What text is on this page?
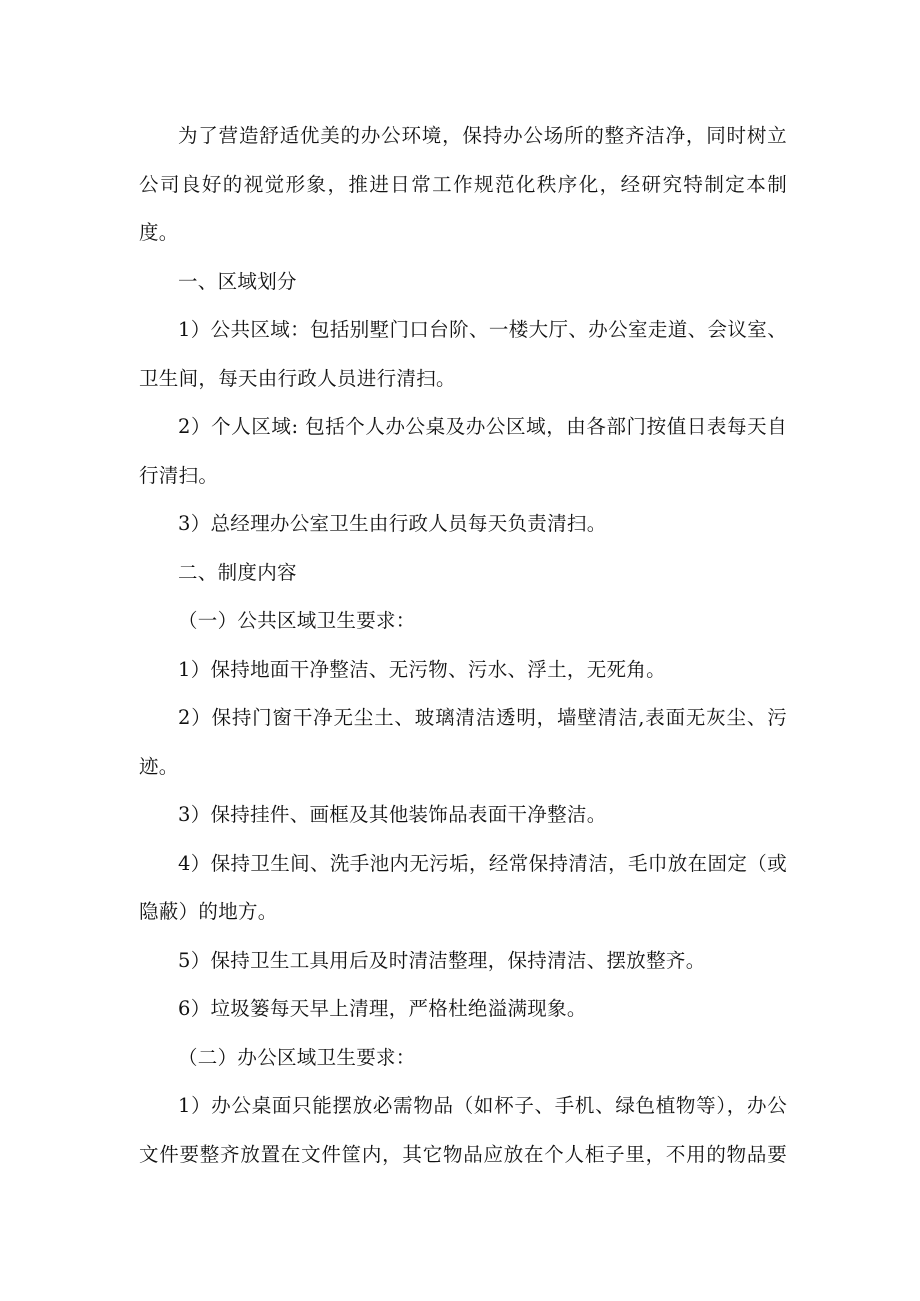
为了营造舒适优美的办公环境，保持办公场所的整齐洁净，同时树立公司良好的视觉形象，推进日常工作规范化秩序化，经研究特制定本制度。

一、区域划分

1）公共区域：包括别墅门口台阶、一楼大厅、办公室走道、会议室、卫生间，每天由行政人员进行清扫。

2）个人区域: 包括个人办公桌及办公区域，由各部门按值日表每天自行清扫。

3）总经理办公室卫生由行政人员每天负责清扫。

二、制度内容

（一）公共区域卫生要求：

1）保持地面干净整洁、无污物、污水、浮土，无死角。

2）保持门窗干净无尘土、玻璃清洁透明，墙壁清洁,表面无灰尘、污迹。

3）保持挂件、画框及其他装饰品表面干净整洁。

4）保持卫生间、洗手池内无污垢，经常保持清洁，毛巾放在固定（或隐蔽）的地方。

5）保持卫生工具用后及时清洁整理，保持清洁、摆放整齐。

6）垃圾篓每天早上清理，严格杜绝溢满现象。

（二）办公区域卫生要求：

1）办公桌面只能摆放必需物品（如杯子、手机、绿色植物等），办公文件要整齐放置在文件筐内，其它物品应放在个人柜子里，不用的物品要
